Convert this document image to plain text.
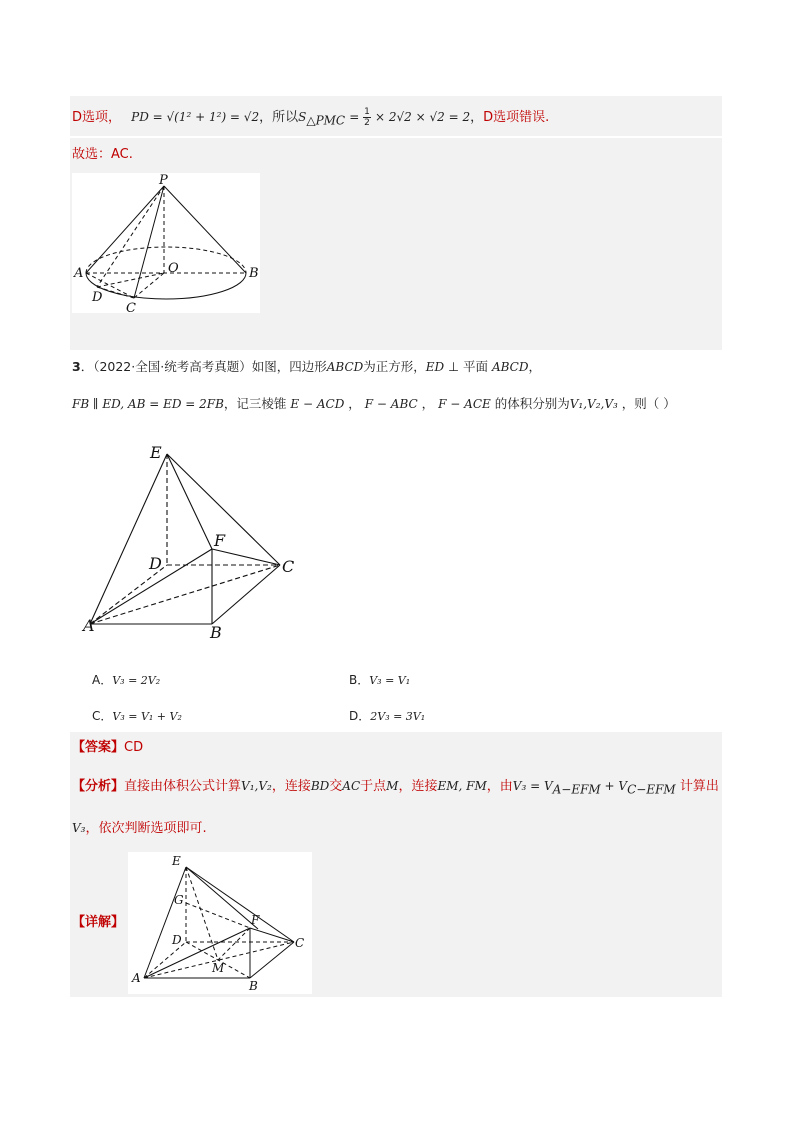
D选项， PD = √(1² + 1²) = √2，所以$S_{\triangle PMC} = \frac{1}{2} \times 2√2 \times √2 = 2$，D选项错误.
故选：AC.
P
A	O	B
D
C
3．（2022·全国·统考高考真题）如图，四边形ABCD为正方形，ED ⊥ 平面 ABCD，
FB ∥ ED, AB = ED = 2FB，记三棱锥 E − ACD ， F − ABC ， F − ACE 的体积分别为V₁,V₂,V₃ ，则（ ）
E
F
D	C
A	B
A．V₃ = 2V₂	B．V₃ = V₁
C．V₃ = V₁ + V₂	D．2V₃ = 3V₁
【答案】CD
【分析】直接由体积公式计算V₁,V₂，连接BD交AC于点M，连接EM, FM，由$V_3 = V_{A-EFM} + V_{C-EFM}$ 计算出
V₃，依次判断选项即可.
【详解】
E
G
F
D	C
M
A
B
